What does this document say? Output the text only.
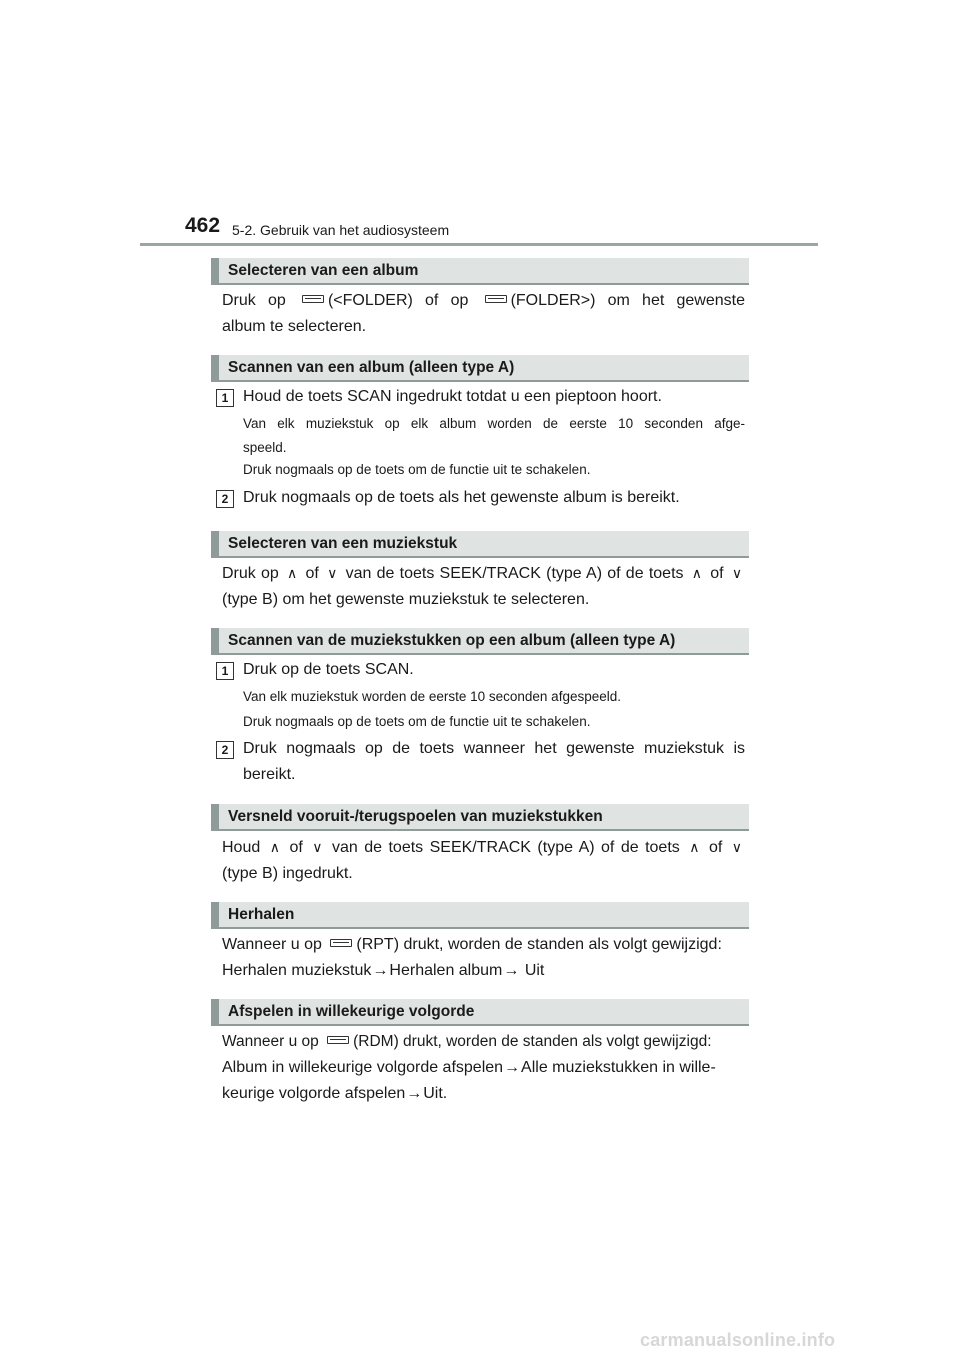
462 5-2. Gebruik van het audiosysteem
Selecteren van een album
Druk op	(<FOLDER) of op	(FOLDER>) om het gewenste
album te selecteren.
Scannen van een album (alleen type A)
1 Houd de toets SCAN ingedrukt totdat u een pieptoon hoort.
Van elk muziekstuk op elk album worden de eerste 10 seconden afge-
speeld.
Druk nogmaals op de toets om de functie uit te schakelen.
2 Druk nogmaals op de toets als het gewenste album is bereikt.
Selecteren van een muziekstuk
Druk op ∧ of ∨ van de toets SEEK/TRACK (type A) of de toets ∧ of ∨
(type B) om het gewenste muziekstuk te selecteren.
Scannen van de muziekstukken op een album (alleen type A)
1 Druk op de toets SCAN.
Van elk muziekstuk worden de eerste 10 seconden afgespeeld.
Druk nogmaals op de toets om de functie uit te schakelen.
2 Druk nogmaals op de toets wanneer het gewenste muziekstuk is
bereikt.
Versneld vooruit-/terugspoelen van muziekstukken
Houd ∧ of ∨ van de toets SEEK/TRACK (type A) of de toets ∧ of ∨
(type B) ingedrukt.
Herhalen
Wanneer u op (RPT) drukt, worden de standen als volgt gewijzigd:
Herhalen muziekstuk→Herhalen album→ Uit
Afspelen in willekeurige volgorde
Wanneer u op (RDM) drukt, worden de standen als volgt gewijzigd:
Album in willekeurige volgorde afspelen→Alle muziekstukken in wille-
keurige volgorde afspelen→Uit.
carmanualsonline.info
